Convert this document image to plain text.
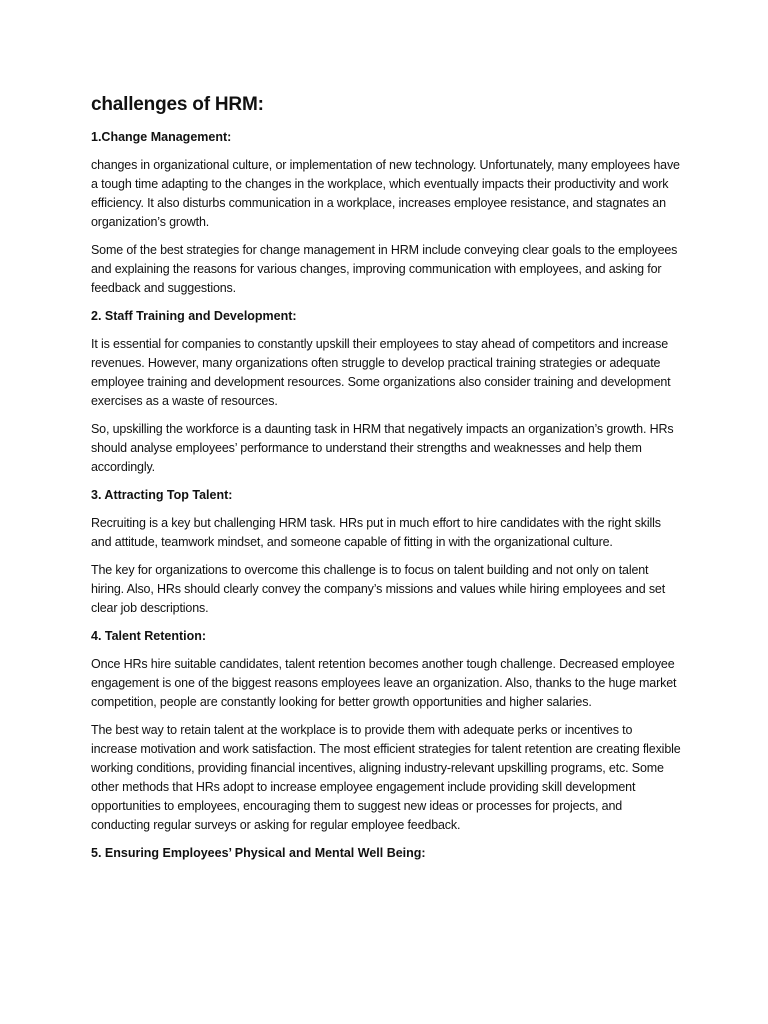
challenges of HRM:
1.Change Management:

changes in organizational culture, or implementation of new technology. Unfortunately, many employees have a tough time adapting to the changes in the workplace, which eventually impacts their productivity and work efficiency. It also disturbs communication in a workplace, increases employee resistance, and stagnates an organization’s growth.

Some of the best strategies for change management in HRM include conveying clear goals to the employees and explaining the reasons for various changes, improving communication with employees, and asking for feedback and suggestions.

2. Staff Training and Development:

It is essential for companies to constantly upskill their employees to stay ahead of competitors and increase revenues. However, many organizations often struggle to develop practical training strategies or adequate employee training and development resources. Some organizations also consider training and development exercises as a waste of resources.

So, upskilling the workforce is a daunting task in HRM that negatively impacts an organization’s growth. HRs should analyse employees’ performance to understand their strengths and weaknesses and help them accordingly.

3. Attracting Top Talent:

Recruiting is a key but challenging HRM task. HRs put in much effort to hire candidates with the right skills and attitude, teamwork mindset, and someone capable of fitting in with the organizational culture.

The key for organizations to overcome this challenge is to focus on talent building and not only on talent hiring. Also, HRs should clearly convey the company’s missions and values while hiring employees and set clear job descriptions.

4. Talent Retention:

Once HRs hire suitable candidates, talent retention becomes another tough challenge. Decreased employee engagement is one of the biggest reasons employees leave an organization. Also, thanks to the huge market competition, people are constantly looking for better growth opportunities and higher salaries.

The best way to retain talent at the workplace is to provide them with adequate perks or incentives to increase motivation and work satisfaction. The most efficient strategies for talent retention are creating flexible working conditions, providing financial incentives, aligning industry-relevant upskilling programs, etc. Some other methods that HRs adopt to increase employee engagement include providing skill development opportunities to employees, encouraging them to suggest new ideas or processes for projects, and conducting regular surveys or asking for regular employee feedback.

5. Ensuring Employees’ Physical and Mental Well Being:
